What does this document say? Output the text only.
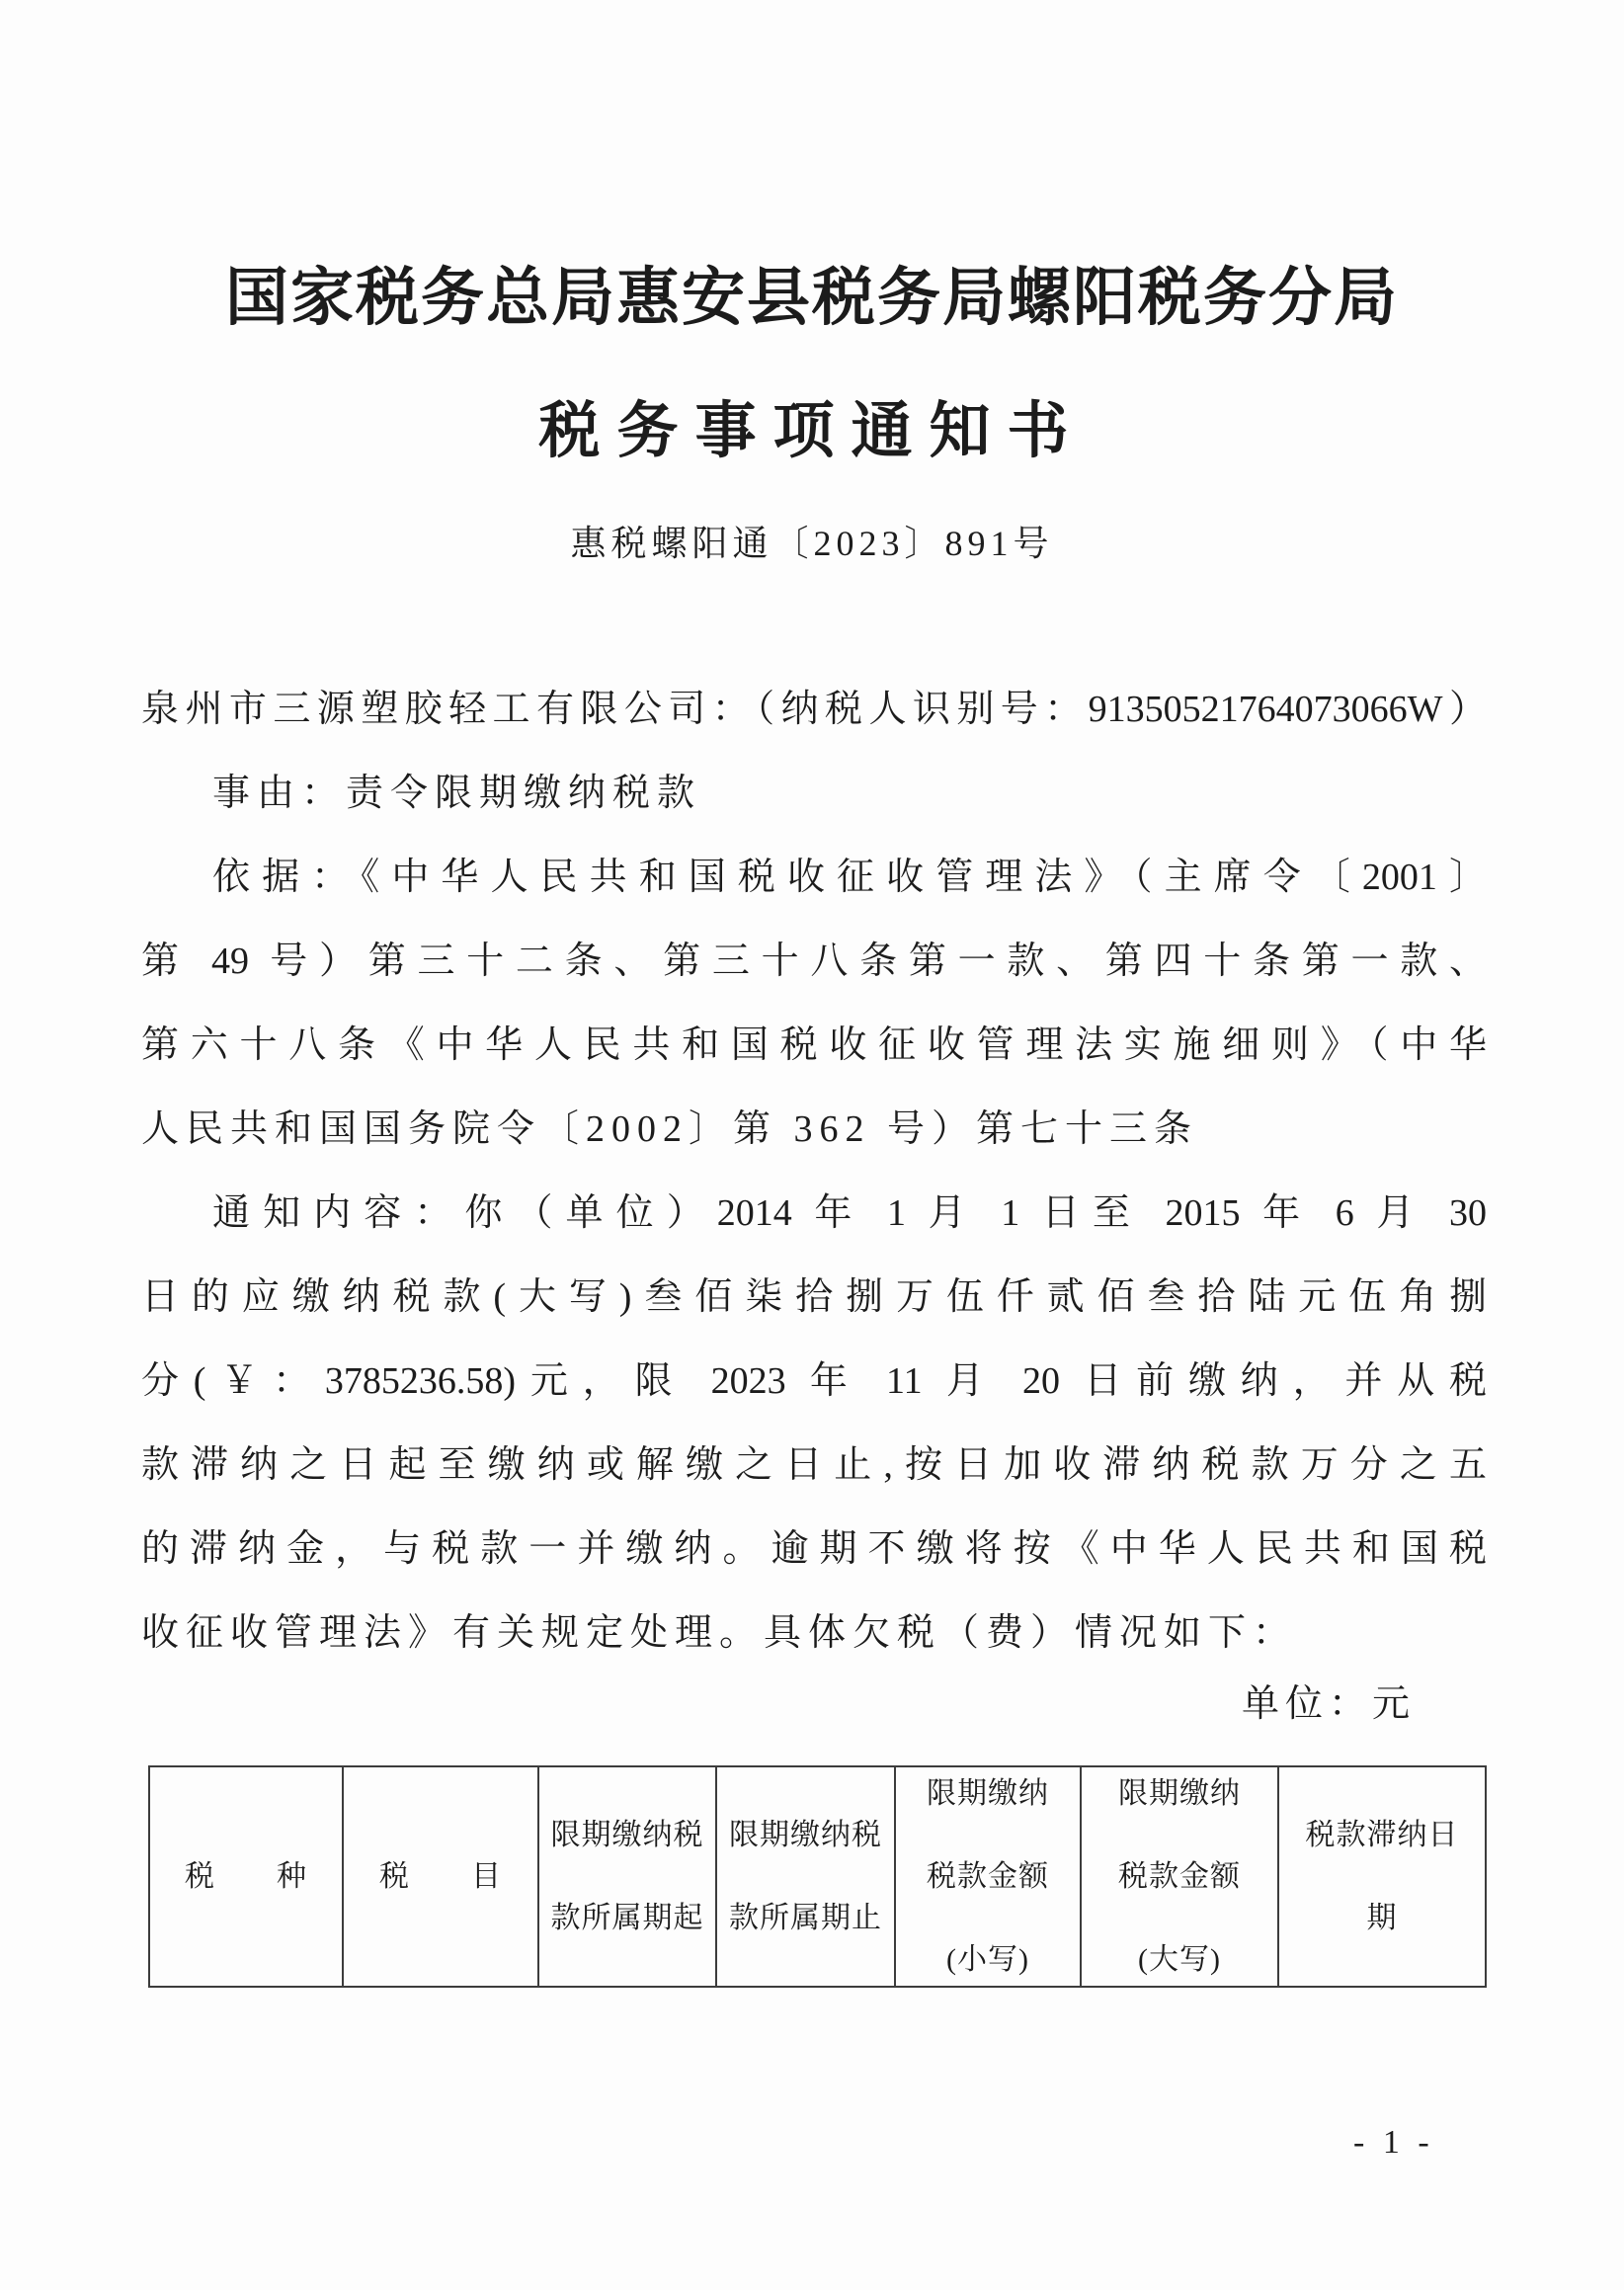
国家税务总局惠安县税务局螺阳税务分局
税务事项通知书
惠税螺阳通〔2023〕891号
泉州市三源塑胶轻工有限公司：（纳税人识别号：91350521764073066W）
事由：责令限期缴纳税款
依据：《中华人民共和国税收征收管理法》（主席令〔2001〕
第 49 号）第三十二条、第三十八条第一款、第四十条第一款、
第六十八条《中华人民共和国税收征收管理法实施细则》（中华
人民共和国国务院令〔2002〕第 362 号）第七十三条
通知内容：你（单位）2014 年 1 月 1 日至 2015 年 6 月 30
日的应缴纳税款(大写)叁佰柒拾捌万伍仟贰佰叁拾陆元伍角捌
分(￥：3785236.58)元，限 2023 年 11 月 20 日前缴纳，并从税
款滞纳之日起至缴纳或解缴之日止,按日加收滞纳税款万分之五
的滞纳金，与税款一并缴纳。逾期不缴将按《中华人民共和国税
收征收管理法》有关规定处理。具体欠税（费）情况如下：
单位：元
税　　种 税　　目
限期缴纳税
款所属期起
限期缴纳税
款所属期止
限期缴纳
税款金额
(小写)
限期缴纳
税款金额
(大写)
税款滞纳日
期
- 1 -
